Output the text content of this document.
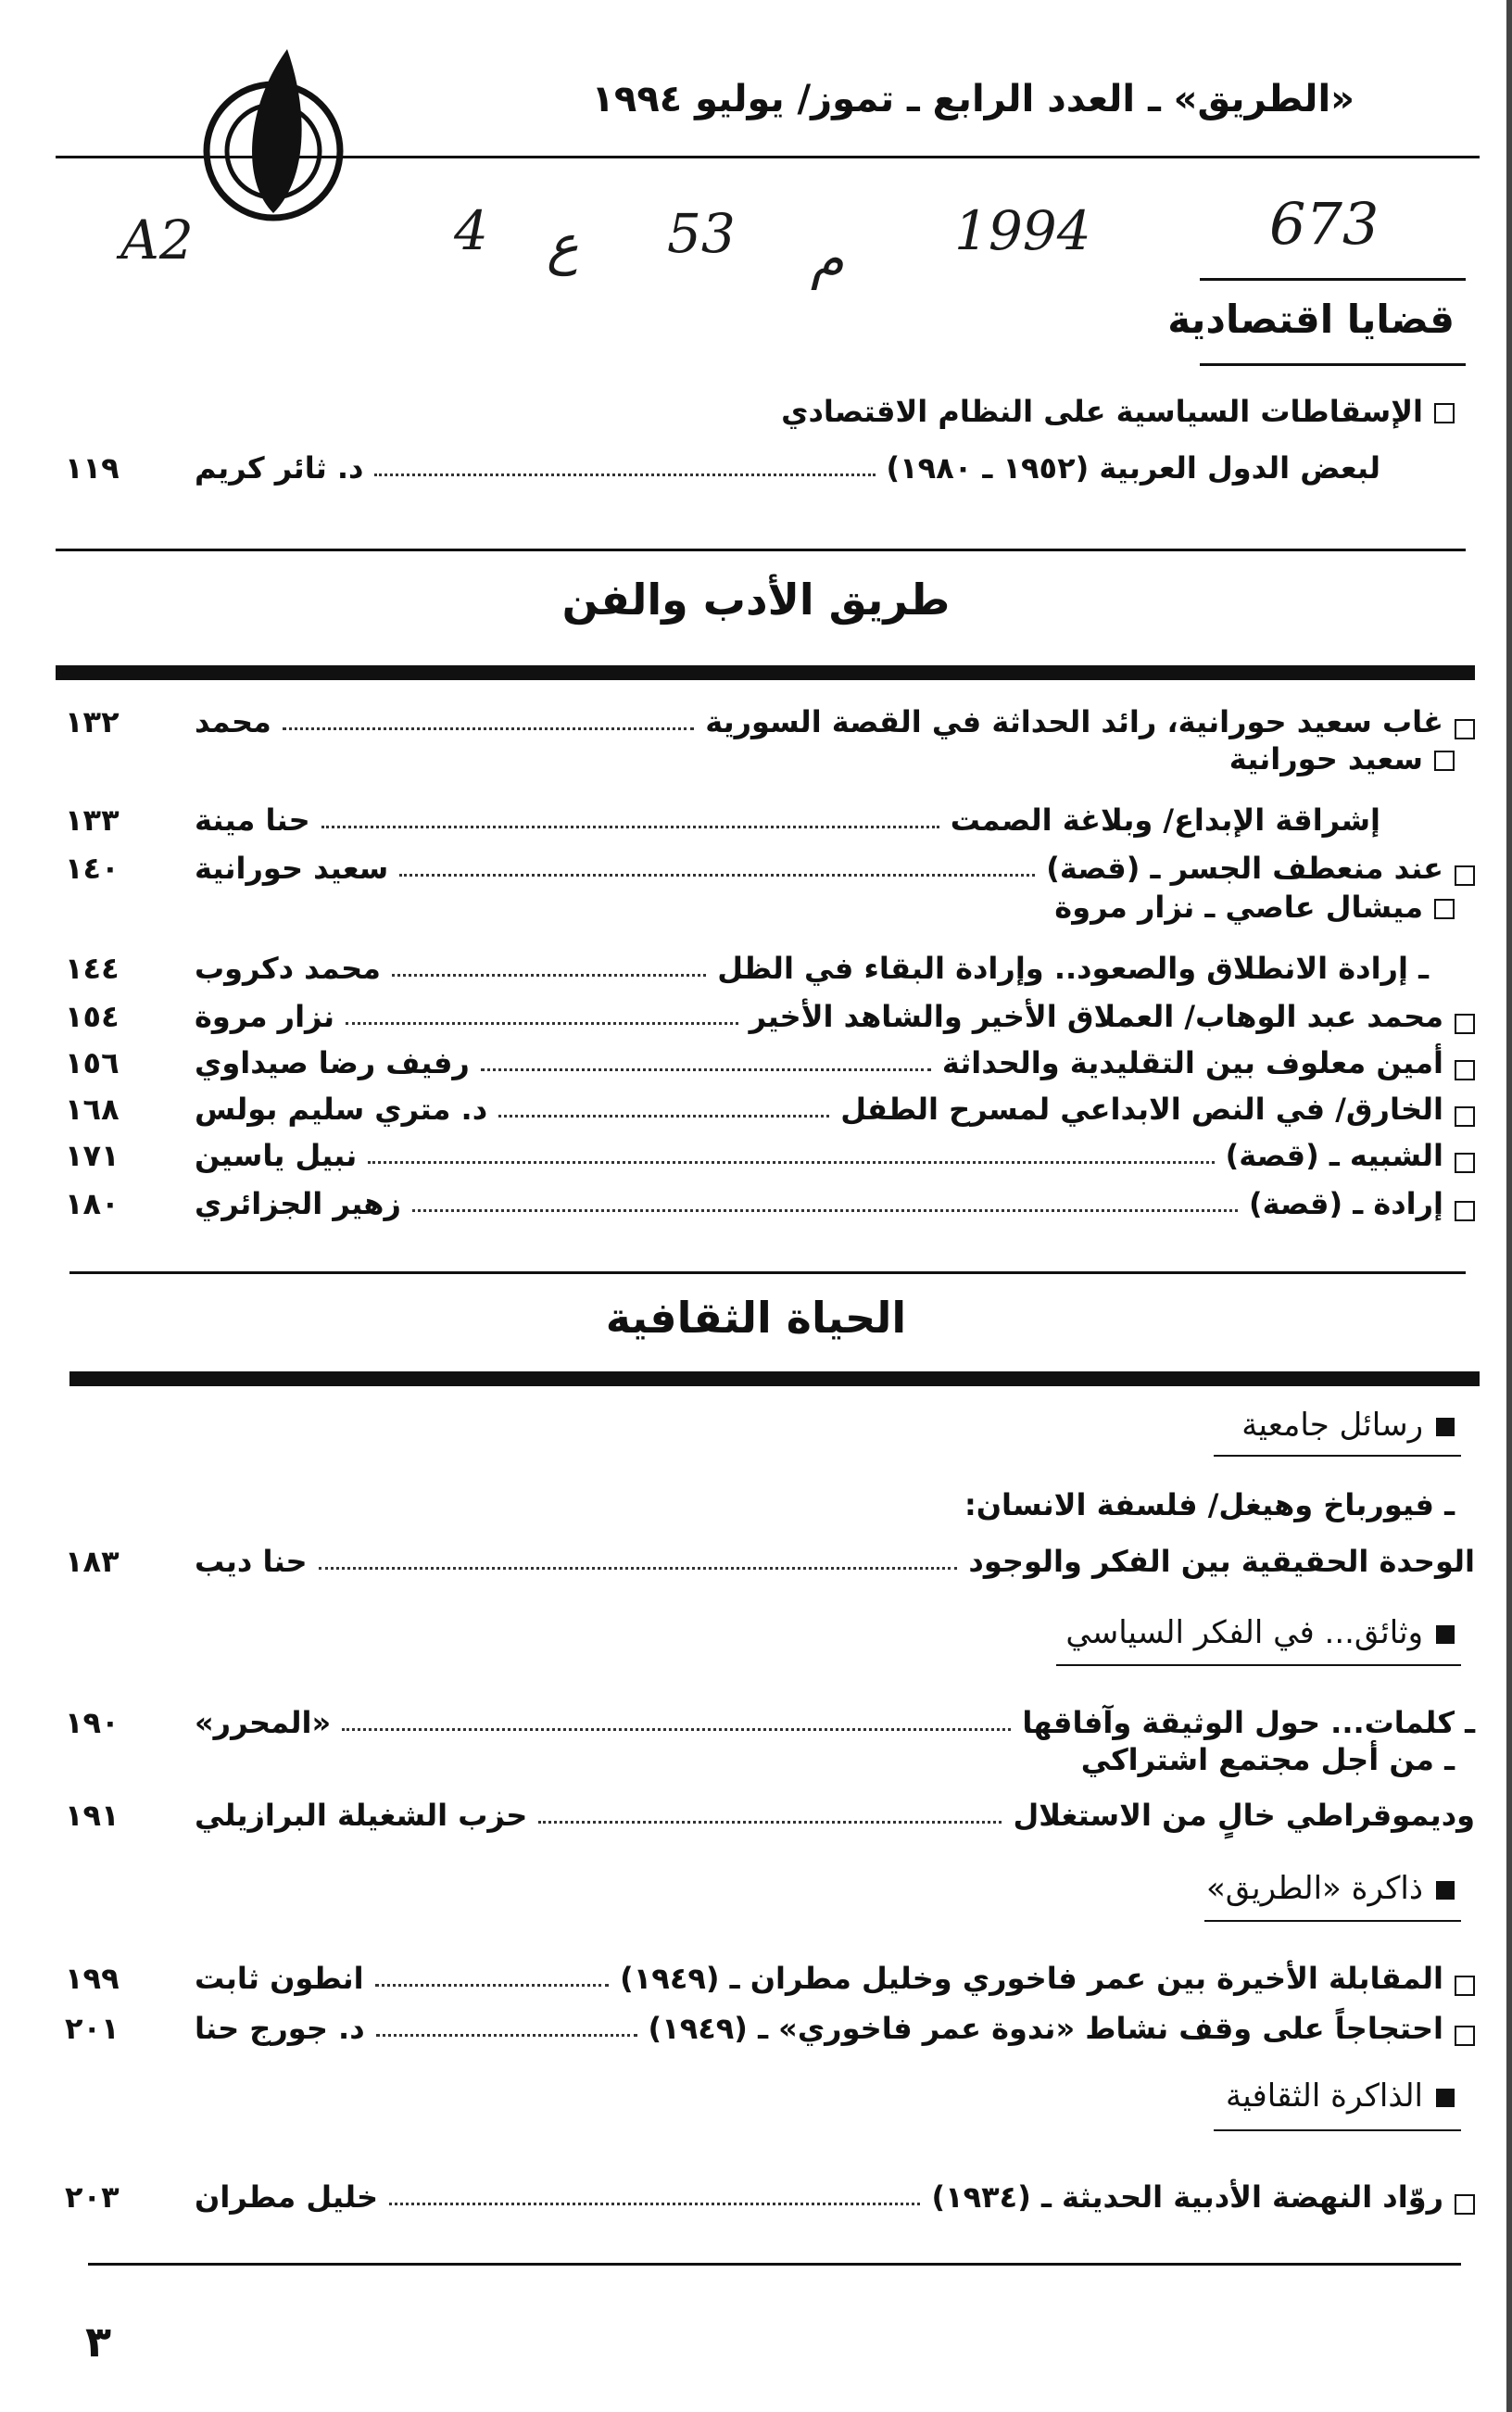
«الطريق» ـ العدد الرابع ـ تموز/ يوليو ١٩٩٤
A2	4 ع 53 م 1994	673
قضايا اقتصادية
الإسقاطات السياسية على النظام الاقتصادي
لبعض الدول العربية (١٩٥٢ ـ ١٩٨٠)
د. ثائر كريم
١١٩
طريق الأدب والفن
غاب سعيد حورانية، رائد الحداثة في القصة السورية
محمد
١٣٢
سعيد حورانية
إشراقة الإبداع/ وبلاغة الصمت
حنا مينة
١٣٣
عند منعطف الجسر ـ (قصة)
سعيد حورانية
١٤٠
ميشال عاصي ـ نزار مروة
ـ إرادة الانطلاق والصعود.. وإرادة البقاء في الظل
محمد دكروب
١٤٤
محمد عبد الوهاب/ العملاق الأخير والشاهد الأخير
نزار مروة
١٥٤
أمين معلوف بين التقليدية والحداثة
رفيف رضا صيداوي
١٥٦
الخارق/ في النص الابداعي لمسرح الطفل
د. متري سليم بولس
١٦٨
الشبيه ـ (قصة)
نبيل ياسين
١٧١
إرادة ـ (قصة)
زهير الجزائري
١٨٠
الحياة الثقافية
رسائل جامعية
ـ فيورباخ وهيغل/ فلسفة الانسان:
الوحدة الحقيقية بين الفكر والوجود
حنا ديب
١٨٣
وثائق... في الفكر السياسي
ـ كلمات... حول الوثيقة وآفاقها
«المحرر»
١٩٠
ـ من أجل مجتمع اشتراكي
وديموقراطي خالٍ من الاستغلال
حزب الشغيلة البرازيلي
١٩١
ذاكرة «الطريق»
المقابلة الأخيرة بين عمر فاخوري وخليل مطران ـ (١٩٤٩)
انطون ثابت
١٩٩
احتجاجاً على وقف نشاط «ندوة عمر فاخوري» ـ (١٩٤٩)
د. جورج حنا
٢٠١
الذاكرة الثقافية
روّاد النهضة الأدبية الحديثة ـ (١٩٣٤)
خليل مطران
٢٠٣
٣
